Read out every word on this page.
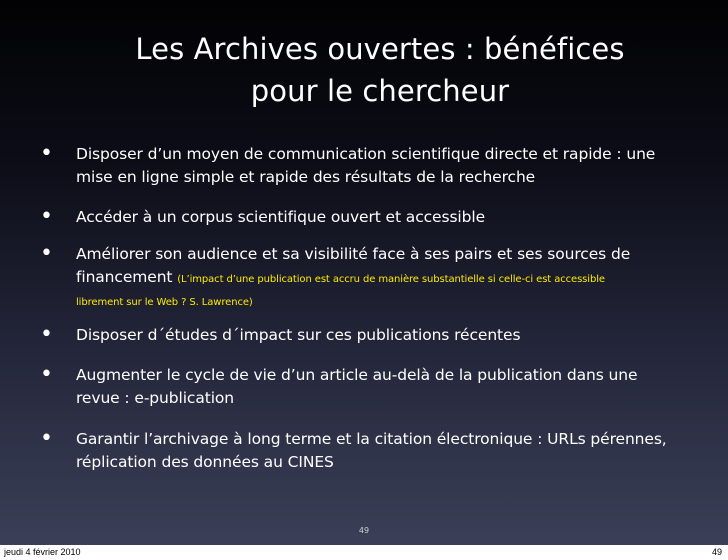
Les Archives ouvertes : bénéfices
pour le chercheur
• Disposer d’un moyen de communication scientifique directe et rapide : une
mise en ligne simple et rapide des résultats de la recherche
• Accéder à un corpus scientifique ouvert et accessible
• Améliorer son audience et sa visibilité face à ses pairs et ses sources de
financement (L’impact d’une publication est accru de manière substantielle si celle-ci est accessible
librement sur le Web ? S. Lawrence)
• Disposer d´études d´impact sur ces publications récentes
• Augmenter le cycle de vie d’un article au-delà de la publication dans une
revue : e-publication
• Garantir l’archivage à long terme et la citation électronique : URLs pérennes,
réplication des données au CINES
49
jeudi 4 février 2010	49
